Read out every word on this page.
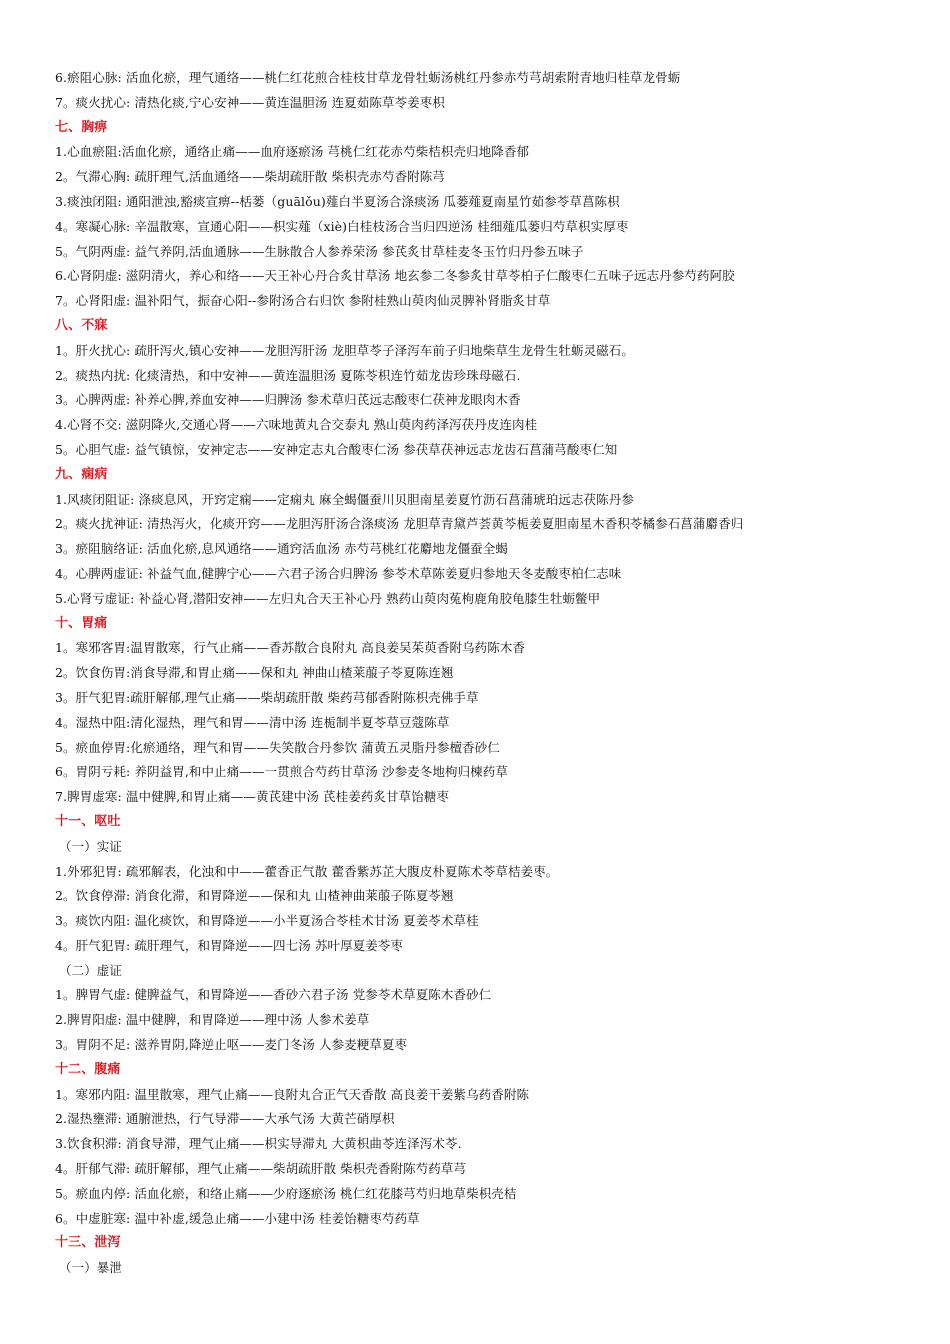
6.瘀阻心脉: 活血化瘀，理气通络——桃仁红花煎合桂枝甘草龙骨牡蛎汤桃红丹参赤芍芎胡索附青地归桂草龙骨蛎
7。痰火扰心: 清热化痰,宁心安神——黄连温胆汤 连夏茹陈草苓姜枣枳
七、胸痹
1.心血瘀阻:活血化瘀，通络止痛——血府逐瘀汤 芎桃仁红花赤芍柴桔枳壳归地降香郁
2。气滞心胸: 疏肝理气,活血通络——柴胡疏肝散 柴枳壳赤芍香附陈芎
3.痰浊闭阻: 通阳泄浊,豁痰宣痹--栝蒌（guālǒu)薤白半夏汤合涤痰汤 瓜蒌薤夏南星竹茹参苓草菖陈枳
4。寒凝心脉: 辛温散寒，宣通心阳——枳实薤（xiè)白桂枝汤合当归四逆汤 桂细薤瓜蒌归芍草枳实厚枣
5。气阴两虚: 益气养阴,活血通脉——生脉散合人参养荣汤 参芪炙甘草桂麦冬玉竹归丹参五味子
6.心肾阴虚: 滋阴清火，养心和络——天王补心丹合炙甘草汤 地玄参二冬参炙甘草苓柏子仁酸枣仁五味子远志丹参芍药阿胶
7。心肾阳虚: 温补阳气，振奋心阳--参附汤合右归饮 参附桂熟山萸肉仙灵脾补肾脂炙甘草
八、不寐
1。肝火扰心: 疏肝泻火,镇心安神——龙胆泻肝汤 龙胆草苓子泽泻车前子归地柴草生龙骨生牡蛎灵磁石。
2。痰热内扰: 化痰清热，和中安神——黄连温胆汤 夏陈苓枳连竹茹龙齿珍珠母磁石.
3。心脾两虚: 补养心脾,养血安神——归脾汤 参术草归芪远志酸枣仁茯神龙眼肉木香
4.心肾不交: 滋阴降火,交通心肾——六味地黄丸合交泰丸 熟山萸肉药泽泻茯丹皮连肉桂
5。心胆气虚: 益气镇惊，安神定志——安神定志丸合酸枣仁汤 参茯草茯神远志龙齿石菖蒲芎酸枣仁知
九、痫病
1.风痰闭阻证: 涤痰息风，开窍定痫——定痫丸 麻全蝎僵蚕川贝胆南星姜夏竹沥石菖蒲琥珀远志茯陈丹参
2。痰火扰神证: 清热泻火，化痰开窍——龙胆泻肝汤合涤痰汤 龙胆草青黛芦荟黄芩栀姜夏胆南星木香积苓橘参石菖蒲麝香归
3。瘀阻脑络证: 活血化瘀,息风通络——通窍活血汤 赤芍芎桃红花麝地龙僵蚕全蝎
4。心脾两虚证: 补益气血,健脾宁心——六君子汤合归脾汤 参苓术草陈姜夏归参地天冬麦酸枣柏仁志味
5.心肾亏虚证: 补益心肾,潜阳安神——左归丸合天王补心丹 熟药山萸肉菟枸鹿角胶龟膝生牡蛎鳖甲
十、胃痛
1。寒邪客胃:温胃散寒，行气止痛——香苏散合良附丸 高良姜吴茱萸香附乌药陈木香
2。饮食伤胃:消食导滞,和胃止痛——保和丸 神曲山楂莱菔子苓夏陈连翘
3。肝气犯胃:疏肝解郁,理气止痛——柴胡疏肝散 柴药芎郁香附陈枳壳佛手草
4。湿热中阻:清化湿热，理气和胃——清中汤 连栀制半夏苓草豆蔻陈草
5。瘀血停胃:化瘀通络，理气和胃——失笑散合丹参饮 蒲黄五灵脂丹参檀香砂仁
6。胃阴亏耗: 养阴益胃,和中止痛——一贯煎合芍药甘草汤 沙参麦冬地枸归楝药草
7.脾胃虚寒: 温中健脾,和胃止痛——黄芪建中汤 芪桂姜药炙甘草饴糖枣
十一、呕吐
（一）实证
1.外邪犯胃: 疏邪解表，化浊和中——藿香正气散 藿香紫苏芷大腹皮朴夏陈术苓草桔姜枣。
2。饮食停滞: 消食化滞，和胃降逆——保和丸 山楂神曲莱菔子陈夏苓翘
3。痰饮内阻: 温化痰饮，和胃降逆——小半夏汤合苓桂术甘汤 夏姜苓术草桂
4。肝气犯胃: 疏肝理气，和胃降逆——四七汤 苏叶厚夏姜苓枣
（二）虚证
1。脾胃气虚: 健脾益气，和胃降逆——香砂六君子汤 党参苓术草夏陈木香砂仁
2.脾胃阳虚: 温中健脾，和胃降逆——理中汤 人参术姜草
3。胃阴不足: 滋养胃阴,降逆止呕——麦门冬汤 人参麦粳草夏枣
十二、腹痛
1。寒邪内阻: 温里散寒，理气止痛——良附丸合正气天香散 高良姜干姜紫乌药香附陈
2.湿热壅滞: 通腑泄热，行气导滞——大承气汤 大黄芒硝厚枳
3.饮食积滞: 消食导滞，理气止痛——枳实导滞丸 大黄枳曲苓连泽泻术苓.
4。肝郁气滞: 疏肝解郁，理气止痛——柴胡疏肝散 柴枳壳香附陈芍药草芎
5。瘀血内停: 活血化瘀，和络止痛——少府逐瘀汤 桃仁红花膝芎芍归地草柴枳壳桔
6。中虚脏寒: 温中补虚,缓急止痛——小建中汤 桂姜饴糖枣芍药草
十三、泄泻
（一）暴泄
